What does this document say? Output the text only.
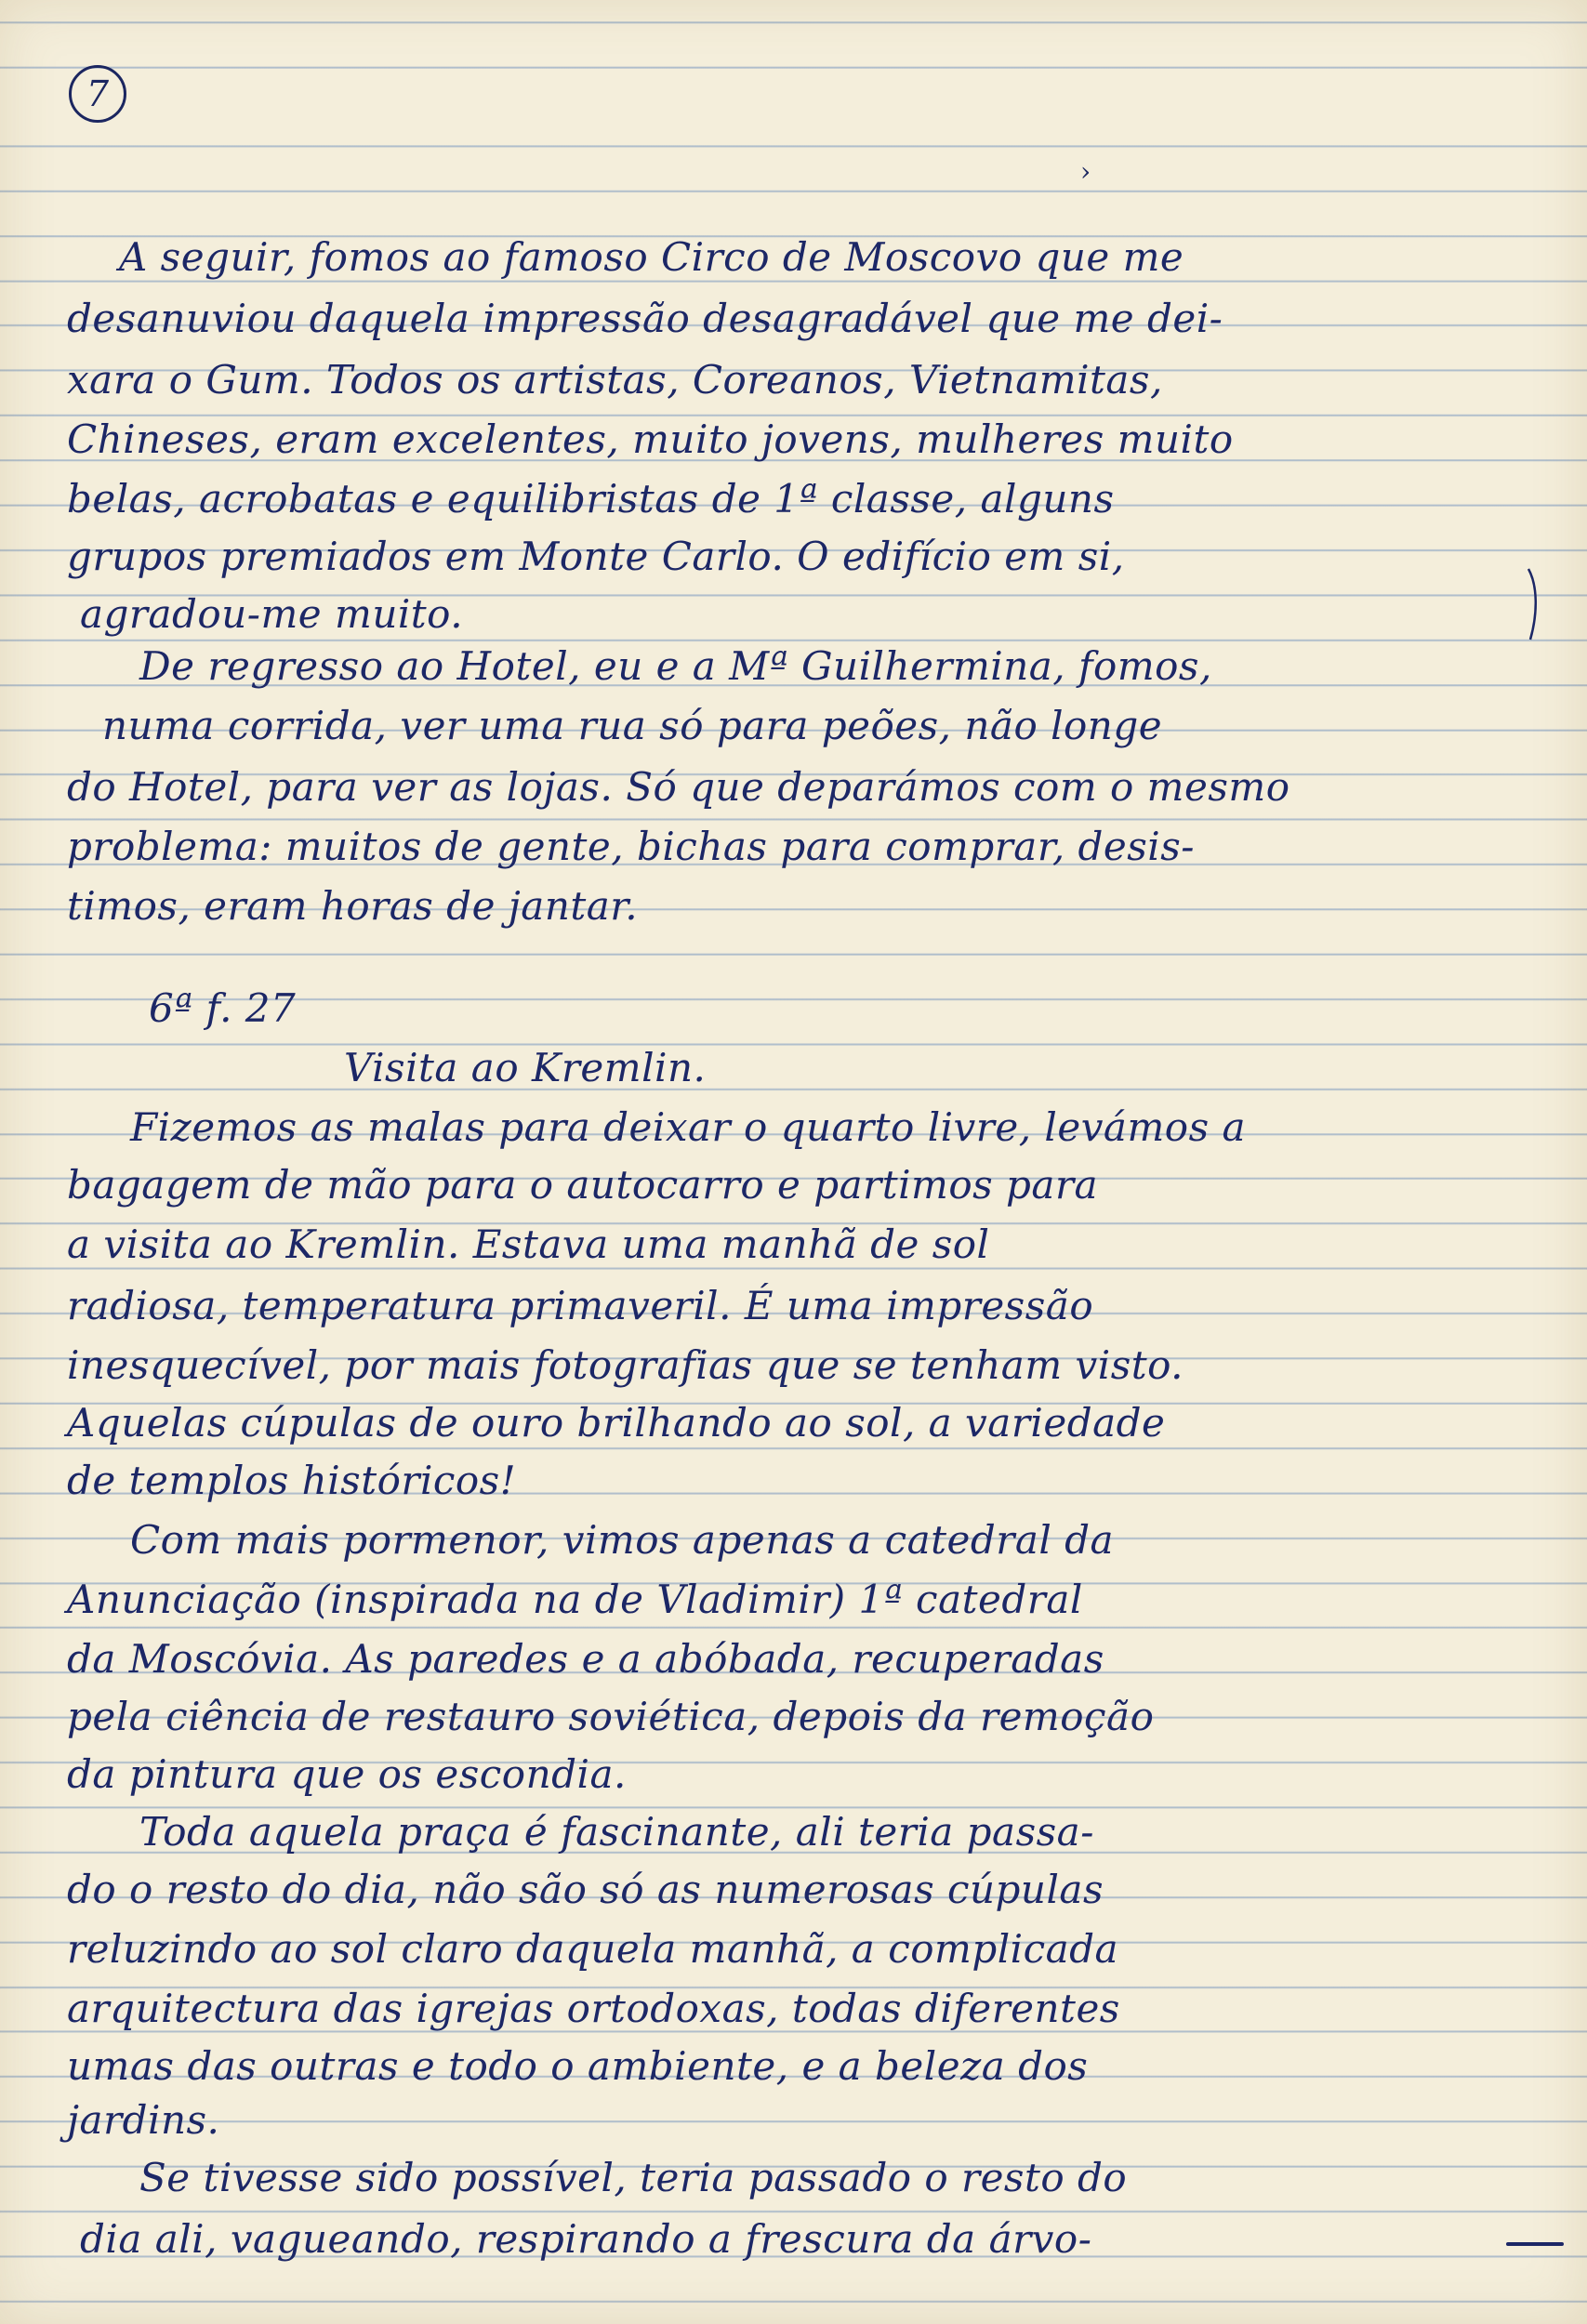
7
›
A seguir, fomos ao famoso Circo de Moscovo que me
desanuviou daquela impressão desagradável que me dei-
xara o Gum. Todos os artistas, Coreanos, Vietnamitas,
Chineses, eram excelentes, muito jovens, mulheres muito
belas, acrobatas e equilibristas de 1ª classe, alguns
grupos premiados em Monte Carlo. O edifício em si,
agradou-me muito.
De regresso ao Hotel, eu e a Mª Guilhermina, fomos,
numa corrida, ver uma rua só para peões, não longe
do Hotel, para ver as lojas. Só que deparámos com o mesmo
problema: muitos de gente, bichas para comprar, desis-
timos, eram horas de jantar.
6ª f. 27
Visita ao Kremlin.
Fizemos as malas para deixar o quarto livre, levámos a
bagagem de mão para o autocarro e partimos para
a visita ao Kremlin. Estava uma manhã de sol
radiosa, temperatura primaveril. É uma impressão
inesquecível, por mais fotografias que se tenham visto.
Aquelas cúpulas de ouro brilhando ao sol, a variedade
de templos históricos!
Com mais pormenor, vimos apenas a catedral da
Anunciação (inspirada na de Vladimir) 1ª catedral
da Moscóvia. As paredes e a abóbada, recuperadas
pela ciência de restauro soviética, depois da remoção
da pintura que os escondia.
Toda aquela praça é fascinante, ali teria passa-
do o resto do dia, não são só as numerosas cúpulas
reluzindo ao sol claro daquela manhã, a complicada
arquitectura das igrejas ortodoxas, todas diferentes
umas das outras e todo o ambiente, e a beleza dos
jardins.
Se tivesse sido possível, teria passado o resto do
dia ali, vagueando, respirando a frescura da árvo-
